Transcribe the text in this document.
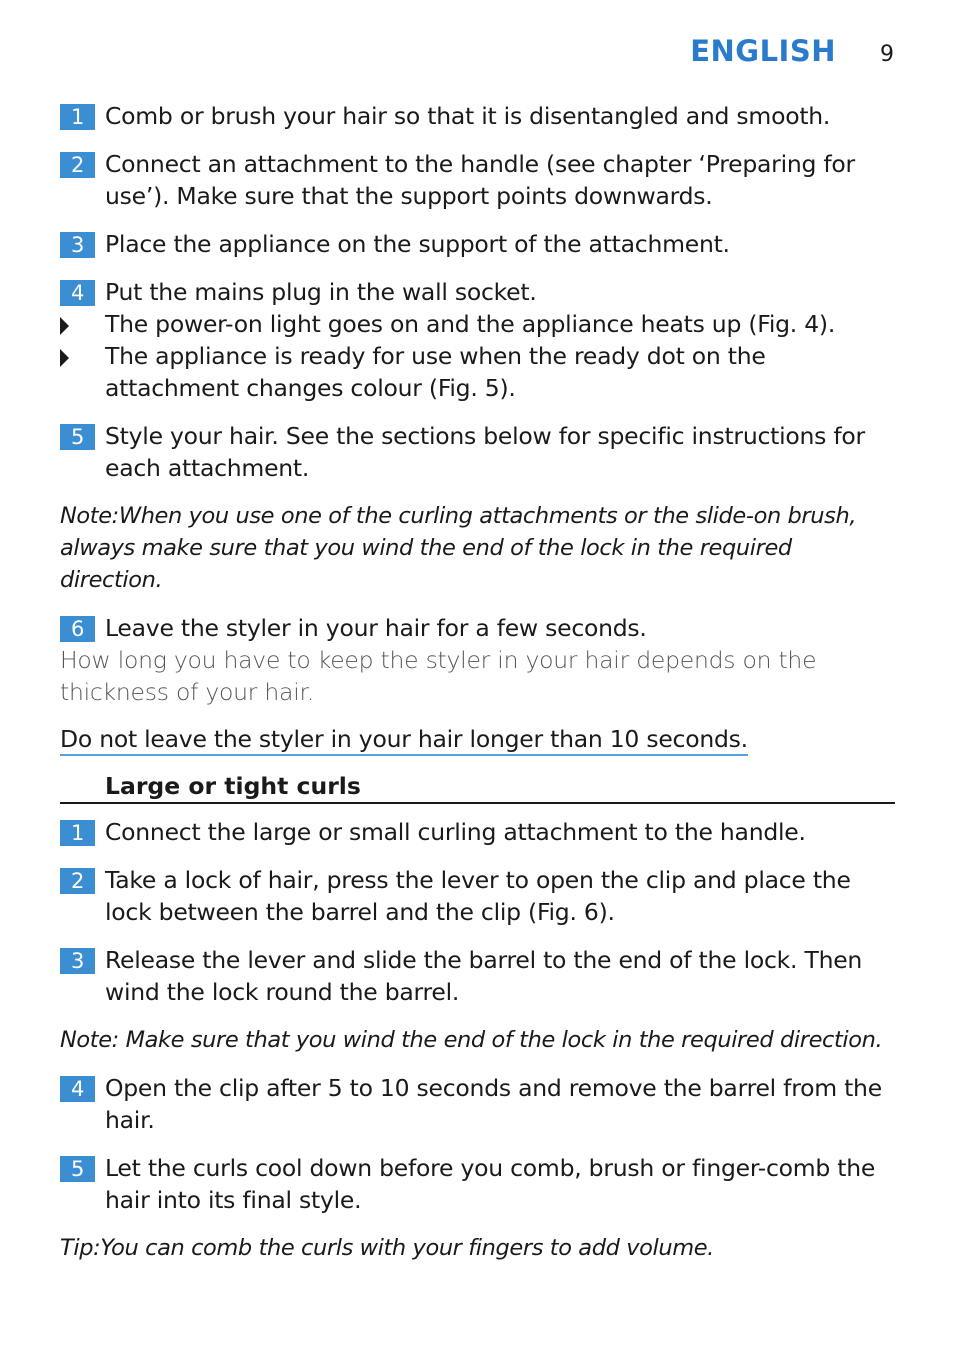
ENGLISH 9
1 Comb or brush your hair so that it is disentangled and smooth.
2 Connect an attachment to the handle (see chapter ‘Preparing for use’). Make sure that the support points downwards.
3 Place the appliance on the support of the attachment.
4 Put the mains plug in the wall socket.
The power-on light goes on and the appliance heats up (Fig. 4).
The appliance is ready for use when the ready dot on the attachment changes colour (Fig. 5).
5 Style your hair. See the sections below for specific instructions for each attachment.
Note:When you use one of the curling attachments or the slide-on brush, always make sure that you wind the end of the lock in the required direction.
6 Leave the styler in your hair for a few seconds.
How long you have to keep the styler in your hair depends on the thickness of your hair.
Do not leave the styler in your hair longer than 10 seconds.
Large or tight curls
1 Connect the large or small curling attachment to the handle.
2 Take a lock of hair, press the lever to open the clip and place the lock between the barrel and the clip (Fig. 6).
3 Release the lever and slide the barrel to the end of the lock. Then wind the lock round the barrel.
Note: Make sure that you wind the end of the lock in the required direction.
4 Open the clip after 5 to 10 seconds and remove the barrel from the hair.
5 Let the curls cool down before you comb, brush or finger-comb the hair into its final style.
Tip:You can comb the curls with your fingers to add volume.
